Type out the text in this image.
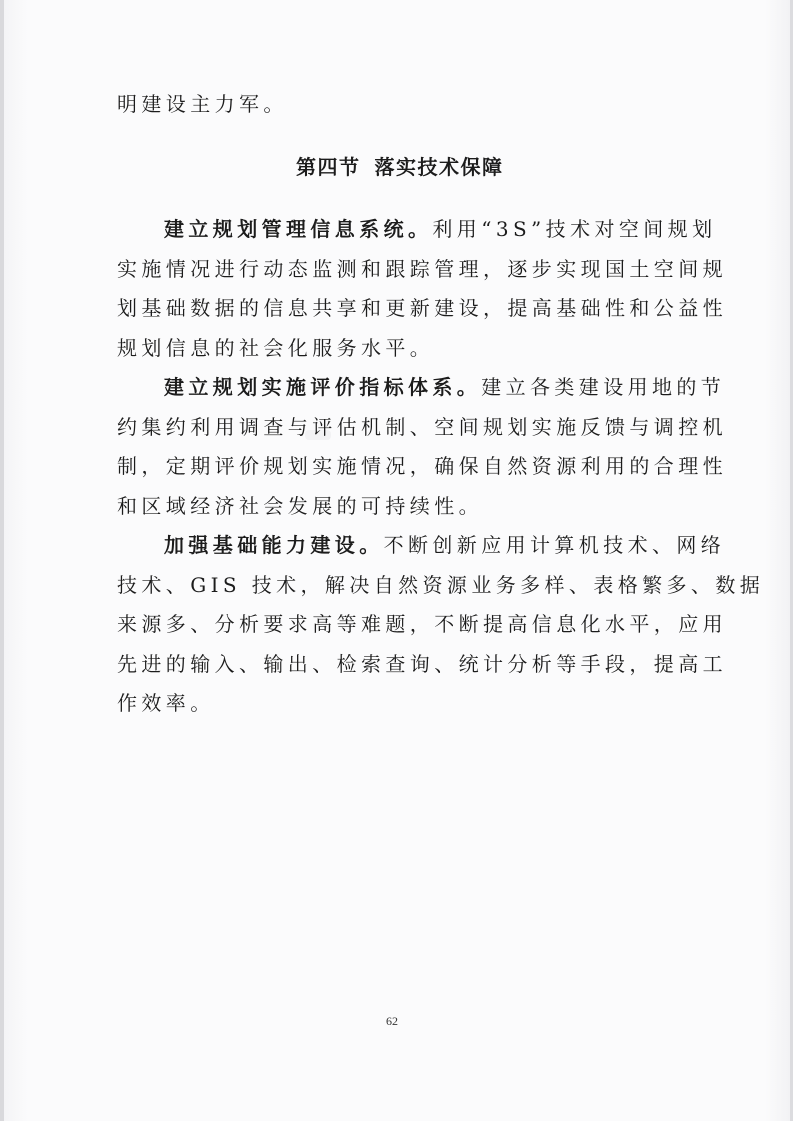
明建设主力军。
第四节 落实技术保障
建立规划管理信息系统。利用“3S”技术对空间规划
实施情况进行动态监测和跟踪管理，逐步实现国土空间规
划基础数据的信息共享和更新建设，提高基础性和公益性
规划信息的社会化服务水平。
建立规划实施评价指标体系。建立各类建设用地的节
约集约利用调查与评估机制、空间规划实施反馈与调控机
制，定期评价规划实施情况，确保自然资源利用的合理性
和区域经济社会发展的可持续性。
加强基础能力建设。不断创新应用计算机技术、网络
技术、GIS 技术，解决自然资源业务多样、表格繁多、数据
来源多、分析要求高等难题，不断提高信息化水平，应用
先进的输入、输出、检索查询、统计分析等手段，提高工
作效率。
62
